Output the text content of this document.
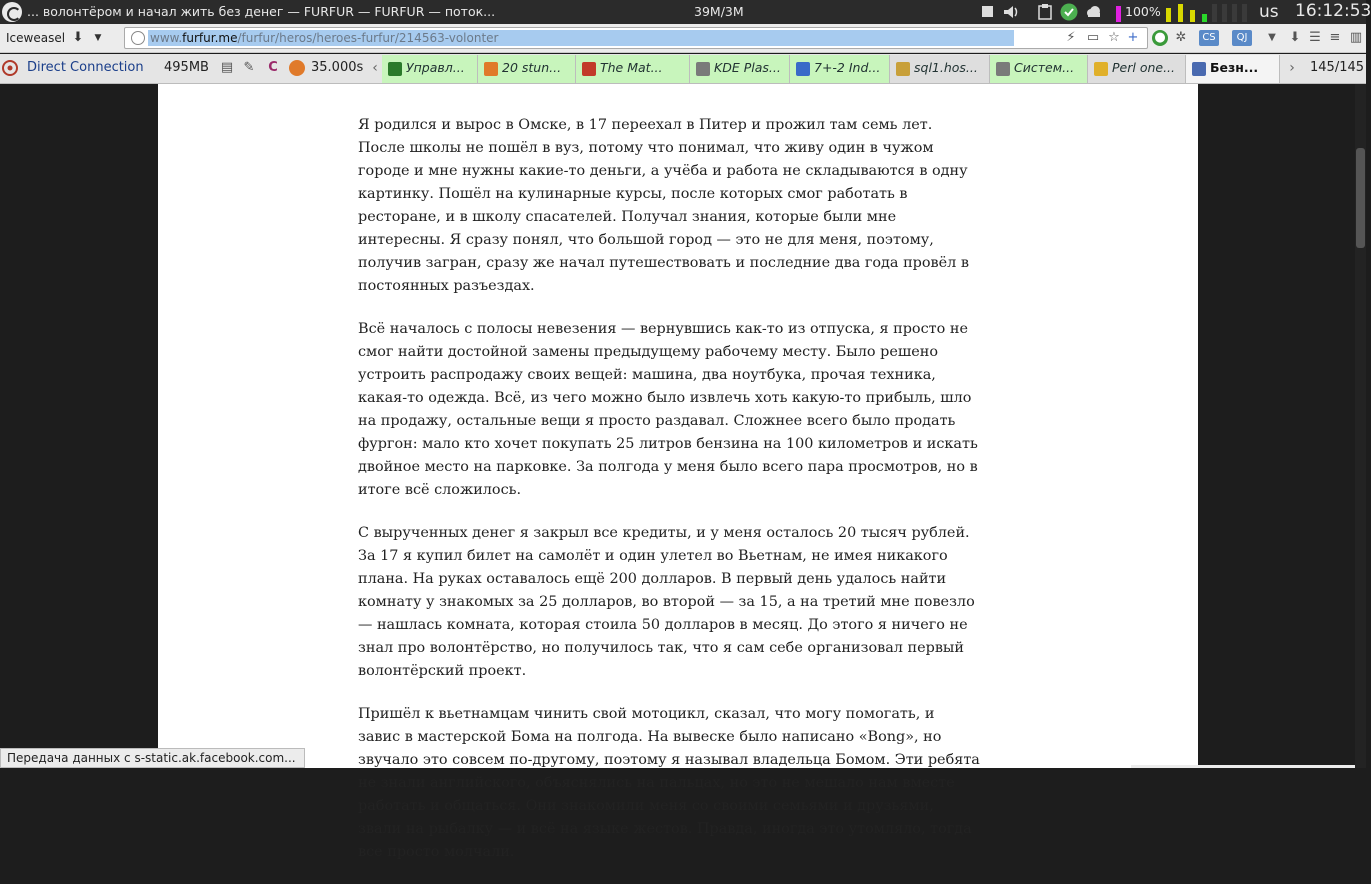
... волонтёром и начал жить без денег — FURFUR — FURFUR — поток...	39M/3M	100%	us 16:12:53
Iceweasel ⬇	▼	www.furfur.me/furfur/heros/heroes-furfur/214563-volonter	⚡ ▭ ☆ + ● ✲	CS	QJ	▼	⬇ ☰ ≡ ▥
Direct Connection 495MB ▤ ✎ C	35.000s ‹	Управл...	20 stun...	The Mat...	KDE Plas...	7+-2 Ind...	sql1.hos...	Систем...	Perl one...	Безн...	›	145/145

Я родился и вырос в Омске, в 17 переехал в Питер и прожил там семь лет. После школы не пошёл в вуз, потому что понимал, что живу один в чужом городе и мне нужны какие-то деньги, а учёба и работа не складываются в одну картинку. Пошёл на кулинарные курсы, после которых смог работать в ресторане, и в школу спасателей. Получал знания, которые были мне интересны. Я сразу понял, что большой город — это не для меня, поэтому, получив загран, сразу же начал путешествовать и последние два года провёл в постоянных разъездах.

Всё началось с полосы невезения — вернувшись как-то из отпуска, я просто не смог найти достойной замены предыдущему рабочему месту. Было решено устроить распродажу своих вещей: машина, два ноутбука, прочая техника, какая-то одежда. Всё, из чего можно было извлечь хоть какую-то прибыль, шло на продажу, остальные вещи я просто раздавал. Сложнее всего было продать фургон: мало кто хочет покупать 25 литров бензина на 100 километров и искать двойное место на парковке. За полгода у меня было всего пара просмотров, но в итоге всё сложилось.

С вырученных денег я закрыл все кредиты, и у меня осталось 20 тысяч рублей. За 17 я купил билет на самолёт и один улетел во Вьетнам, не имея никакого плана. На руках оставалось ещё 200 долларов. В первый день удалось найти комнату у знакомых за 25 долларов, во второй — за 15, а на третий мне повезло — нашлась комната, которая стоила 50 долларов в месяц. До этого я ничего не знал про волонтёрство, но получилось так, что я сам себе организовал первый волонтёрский проект.

Пришёл к вьетнамцам чинить свой мотоцикл, сказал, что могу помогать, и завис в мастерской Бома на полгода. На вывеске было написано «Bong», но звучало это совсем по-другому, поэтому я называл владельца Бомом. Эти ребята не знали английского, объяснялись на пальцах, но это не мешало нам вместе работать и общаться. Они знакомили меня со своими семьями и друзьями, звали на рыбалку — и всё на языке жестов. Правда, иногда это утомляло, тогда все просто молчали.

Передача данных с s-static.ak.facebook.com...
